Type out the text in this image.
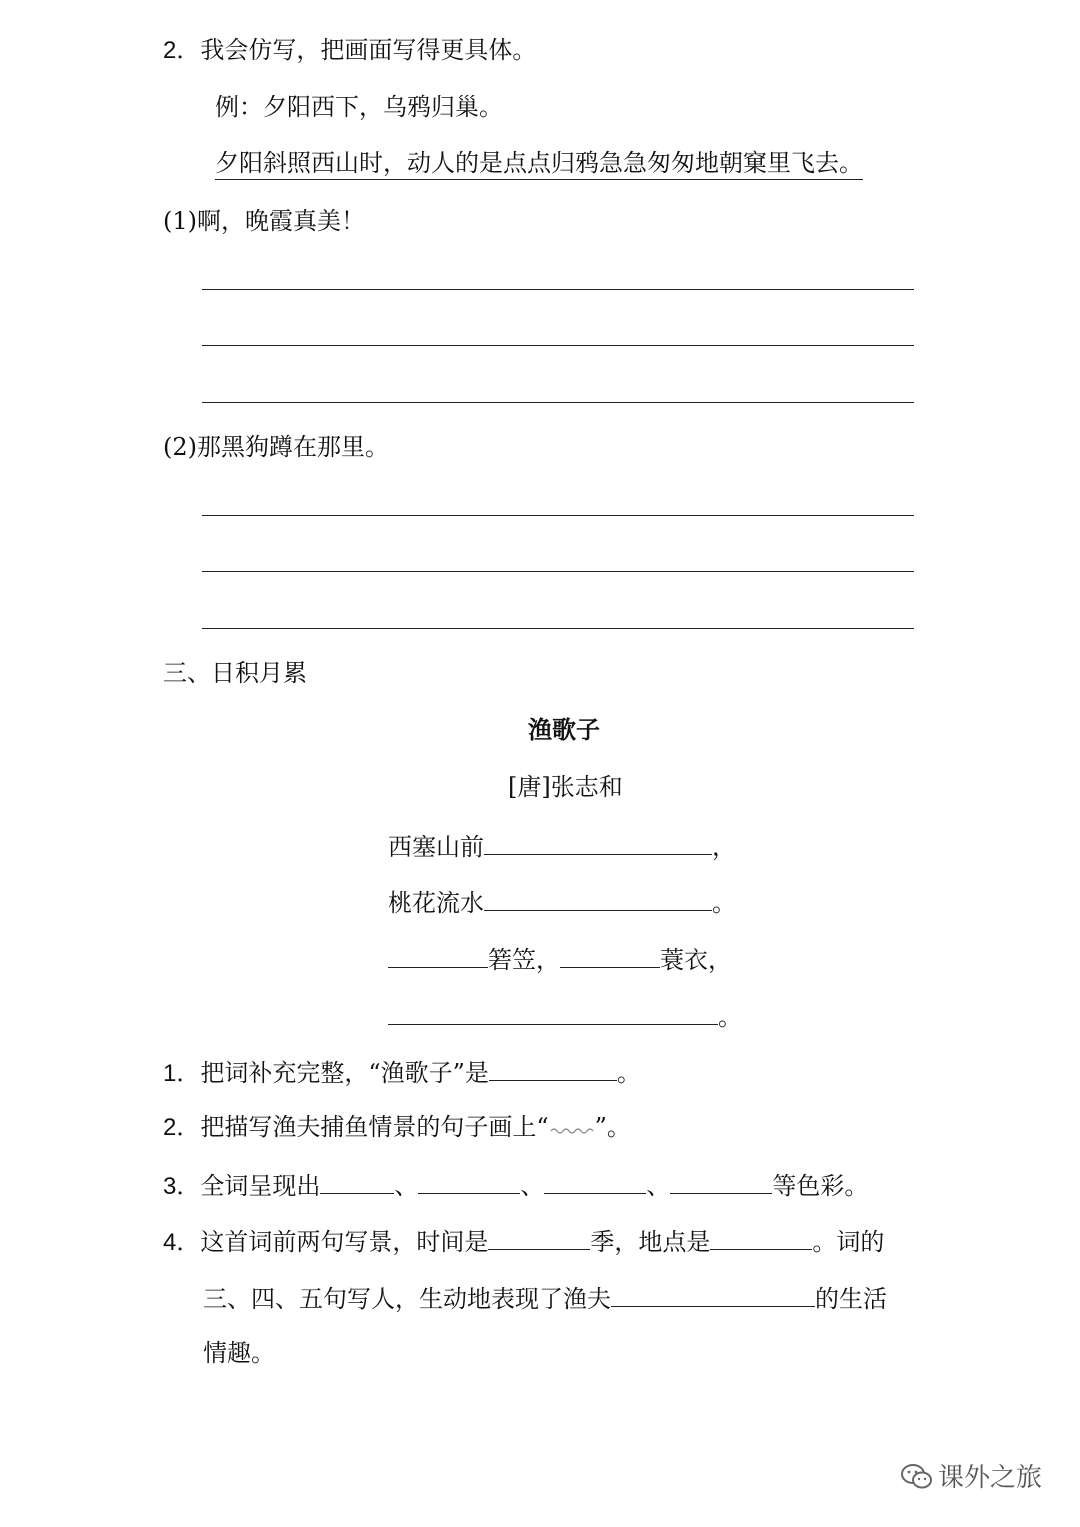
2．我会仿写，把画面写得更具体。
例：夕阳西下，乌鸦归巢。
夕阳斜照西山时，动人的是点点归鸦急急匆匆地朝窠里飞去。
(1)啊，晚霞真美！
(2)那黑狗蹲在那里。
三、日积月累
渔歌子
[唐]张志和
西塞山前	，
桃花流水	。
箬笠，	蓑衣，
。
1．把词补充完整，“渔歌子”是	。
2．把描写渔夫捕鱼情景的句子画上“ ”。
3．全词呈现出	、	、	、	等色彩。
4．这首词前两句写景，时间是	季，地点是	。词的
三、四、五句写人，生动地表现了渔夫	的生活
情趣。
课外之旅
